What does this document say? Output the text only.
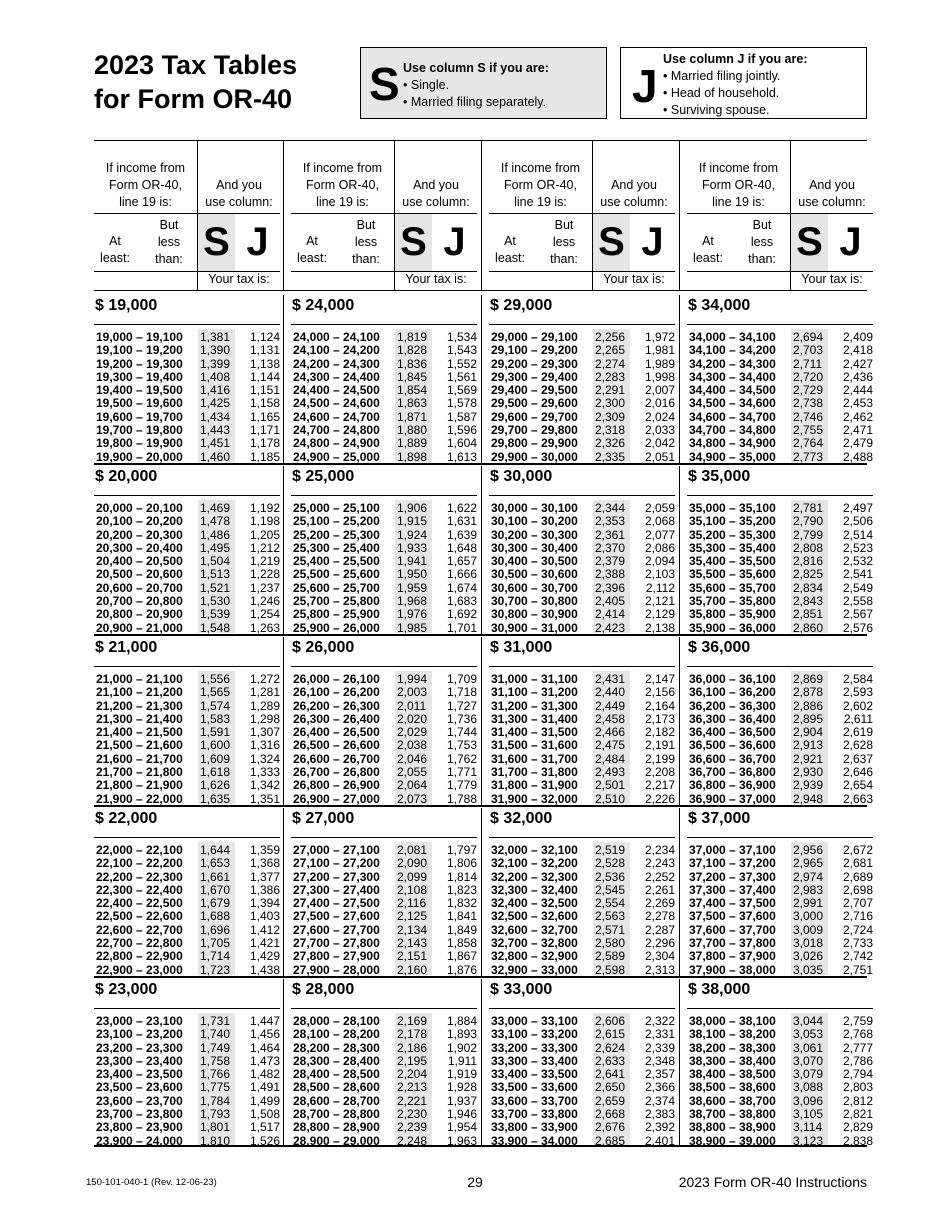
2023 Tax Tables
for Form OR-40	S Use column S if you are:
• Single.
• Married filing separately. J
Use column J if you are:
• Married filing jointly.
• Head of household.
• Surviving spouse.
If income from
Form OR-40,
line 19 is:
And you
use column:
At
least:
But
less
than: S J
Your tax is:
If income from
Form OR-40,
line 19 is:
And you
use column:
At
least:
But
less
than: S J
Your tax is:
If income from
Form OR-40,
line 19 is:
And you
use column:
At
least:
But
less
than: S J
Your tax is:
If income from
Form OR-40,
line 19 is:
And you
use column:
At
least:
But
less
than: S J
Your tax is:
$ 19,000
19,000 – 19,100	1,381	1,124
19,100 – 19,200	1,390	1,131
19,200 – 19,300	1,399	1,138
19,300 – 19,400	1,408	1,144
19,400 – 19,500	1,416	1,151
19,500 – 19,600	1,425	1,158
19,600 – 19,700	1,434	1,165
19,700 – 19,800	1,443	1,171
19,800 – 19,900	1,451	1,178
19,900 – 20,000	1,460	1,185
$ 24,000
24,000 – 24,100	1,819	1,534
24,100 – 24,200	1,828	1,543
24,200 – 24,300	1,836	1,552
24,300 – 24,400	1,845	1,561
24,400 – 24,500	1,854	1,569
24,500 – 24,600	1,863	1,578
24,600 – 24,700	1,871	1,587
24,700 – 24,800	1,880	1,596
24,800 – 24,900	1,889	1,604
24,900 – 25,000	1,898	1,613
$ 29,000
29,000 – 29,100	2,256	1,972
29,100 – 29,200	2,265	1,981
29,200 – 29,300	2,274	1,989
29,300 – 29,400	2,283	1,998
29,400 – 29,500	2,291	2,007
29,500 – 29,600	2,300	2,016
29,600 – 29,700	2,309	2,024
29,700 – 29,800	2,318	2,033
29,800 – 29,900	2,326	2,042
29,900 – 30,000	2,335	2,051
$ 34,000
34,000 – 34,100	2,694	2,409
34,100 – 34,200	2,703	2,418
34,200 – 34,300	2,711	2,427
34,300 – 34,400	2,720	2,436
34,400 – 34,500	2,729	2,444
34,500 – 34,600	2,738	2,453
34,600 – 34,700	2,746	2,462
34,700 – 34,800	2,755	2,471
34,800 – 34,900	2,764	2,479
34,900 – 35,000	2,773	2,488
$ 20,000
20,000 – 20,100	1,469	1,192
20,100 – 20,200	1,478	1,198
20,200 – 20,300	1,486	1,205
20,300 – 20,400	1,495	1,212
20,400 – 20,500	1,504	1,219
20,500 – 20,600	1,513	1,228
20,600 – 20,700	1,521	1,237
20,700 – 20,800	1,530	1,246
20,800 – 20,900	1,539	1,254
20,900 – 21,000	1,548	1,263
$ 25,000
25,000 – 25,100	1,906	1,622
25,100 – 25,200	1,915	1,631
25,200 – 25,300	1,924	1,639
25,300 – 25,400	1,933	1,648
25,400 – 25,500	1,941	1,657
25,500 – 25,600	1,950	1,666
25,600 – 25,700	1,959	1,674
25,700 – 25,800	1,968	1,683
25,800 – 25,900	1,976	1,692
25,900 – 26,000	1,985	1,701
$ 30,000
30,000 – 30,100	2,344	2,059
30,100 – 30,200	2,353	2,068
30,200 – 30,300	2,361	2,077
30,300 – 30,400	2,370	2,086
30,400 – 30,500	2,379	2,094
30,500 – 30,600	2,388	2,103
30,600 – 30,700	2,396	2,112
30,700 – 30,800	2,405	2,121
30,800 – 30,900	2,414	2,129
30,900 – 31,000	2,423	2,138
$ 35,000
35,000 – 35,100	2,781	2,497
35,100 – 35,200	2,790	2,506
35,200 – 35,300	2,799	2,514
35,300 – 35,400	2,808	2,523
35,400 – 35,500	2,816	2,532
35,500 – 35,600	2,825	2,541
35,600 – 35,700	2,834	2,549
35,700 – 35,800	2,843	2,558
35,800 – 35,900	2,851	2,567
35,900 – 36,000	2,860	2,576
$ 21,000
21,000 – 21,100	1,556	1,272
21,100 – 21,200	1,565	1,281
21,200 – 21,300	1,574	1,289
21,300 – 21,400	1,583	1,298
21,400 – 21,500	1,591	1,307
21,500 – 21,600	1,600	1,316
21,600 – 21,700	1,609	1,324
21,700 – 21,800	1,618	1,333
21,800 – 21,900	1,626	1,342
21,900 – 22,000	1,635	1,351
$ 26,000
26,000 – 26,100	1,994	1,709
26,100 – 26,200	2,003	1,718
26,200 – 26,300	2,011	1,727
26,300 – 26,400	2,020	1,736
26,400 – 26,500	2,029	1,744
26,500 – 26,600	2,038	1,753
26,600 – 26,700	2,046	1,762
26,700 – 26,800	2,055	1,771
26,800 – 26,900	2,064	1,779
26,900 – 27,000	2,073	1,788
$ 31,000
31,000 – 31,100	2,431	2,147
31,100 – 31,200	2,440	2,156
31,200 – 31,300	2,449	2,164
31,300 – 31,400	2,458	2,173
31,400 – 31,500	2,466	2,182
31,500 – 31,600	2,475	2,191
31,600 – 31,700	2,484	2,199
31,700 – 31,800	2,493	2,208
31,800 – 31,900	2,501	2,217
31,900 – 32,000	2,510	2,226
$ 36,000
36,000 – 36,100	2,869	2,584
36,100 – 36,200	2,878	2,593
36,200 – 36,300	2,886	2,602
36,300 – 36,400	2,895	2,611
36,400 – 36,500	2,904	2,619
36,500 – 36,600	2,913	2,628
36,600 – 36,700	2,921	2,637
36,700 – 36,800	2,930	2,646
36,800 – 36,900	2,939	2,654
36,900 – 37,000	2,948	2,663
$ 22,000
22,000 – 22,100	1,644	1,359
22,100 – 22,200	1,653	1,368
22,200 – 22,300	1,661	1,377
22,300 – 22,400	1,670	1,386
22,400 – 22,500	1,679	1,394
22,500 – 22,600	1,688	1,403
22,600 – 22,700	1,696	1,412
22,700 – 22,800	1,705	1,421
22,800 – 22,900	1,714	1,429
22,900 – 23,000	1,723	1,438
$ 27,000
27,000 – 27,100	2,081	1,797
27,100 – 27,200	2,090	1,806
27,200 – 27,300	2,099	1,814
27,300 – 27,400	2,108	1,823
27,400 – 27,500	2,116	1,832
27,500 – 27,600	2,125	1,841
27,600 – 27,700	2,134	1,849
27,700 – 27,800	2,143	1,858
27,800 – 27,900	2,151	1,867
27,900 – 28,000	2,160	1,876
$ 32,000
32,000 – 32,100	2,519	2,234
32,100 – 32,200	2,528	2,243
32,200 – 32,300	2,536	2,252
32,300 – 32,400	2,545	2,261
32,400 – 32,500	2,554	2,269
32,500 – 32,600	2,563	2,278
32,600 – 32,700	2,571	2,287
32,700 – 32,800	2,580	2,296
32,800 – 32,900	2,589	2,304
32,900 – 33,000	2,598	2,313
$ 37,000
37,000 – 37,100	2,956	2,672
37,100 – 37,200	2,965	2,681
37,200 – 37,300	2,974	2,689
37,300 – 37,400	2,983	2,698
37,400 – 37,500	2,991	2,707
37,500 – 37,600	3,000	2,716
37,600 – 37,700	3,009	2,724
37,700 – 37,800	3,018	2,733
37,800 – 37,900	3,026	2,742
37,900 – 38,000	3,035	2,751
$ 23,000
23,000 – 23,100	1,731	1,447
23,100 – 23,200	1,740	1,456
23,200 – 23,300	1,749	1,464
23,300 – 23,400	1,758	1,473
23,400 – 23,500	1,766	1,482
23,500 – 23,600	1,775	1,491
23,600 – 23,700	1,784	1,499
23,700 – 23,800	1,793	1,508
23,800 – 23,900	1,801	1,517
23,900 – 24,000	1,810	1,526
$ 28,000
28,000 – 28,100	2,169	1,884
28,100 – 28,200	2,178	1,893
28,200 – 28,300	2,186	1,902
28,300 – 28,400	2,195	1,911
28,400 – 28,500	2,204	1,919
28,500 – 28,600	2,213	1,928
28,600 – 28,700	2,221	1,937
28,700 – 28,800	2,230	1,946
28,800 – 28,900	2,239	1,954
28,900 – 29,000	2,248	1,963
$ 33,000
33,000 – 33,100	2,606	2,322
33,100 – 33,200	2,615	2,331
33,200 – 33,300	2,624	2,339
33,300 – 33,400	2,633	2,348
33,400 – 33,500	2,641	2,357
33,500 – 33,600	2,650	2,366
33,600 – 33,700	2,659	2,374
33,700 – 33,800	2,668	2,383
33,800 – 33,900	2,676	2,392
33,900 – 34,000	2,685	2,401
$ 38,000
38,000 – 38,100	3,044	2,759
38,100 – 38,200	3,053	2,768
38,200 – 38,300	3,061	2,777
38,300 – 38,400	3,070	2,786
38,400 – 38,500	3,079	2,794
38,500 – 38,600	3,088	2,803
38,600 – 38,700	3,096	2,812
38,700 – 38,800	3,105	2,821
38,800 – 38,900	3,114	2,829
38,900 – 39,000	3,123	2,838
150-101-040-1 (Rev. 12-06-23)	29	2023 Form OR-40 Instructions
